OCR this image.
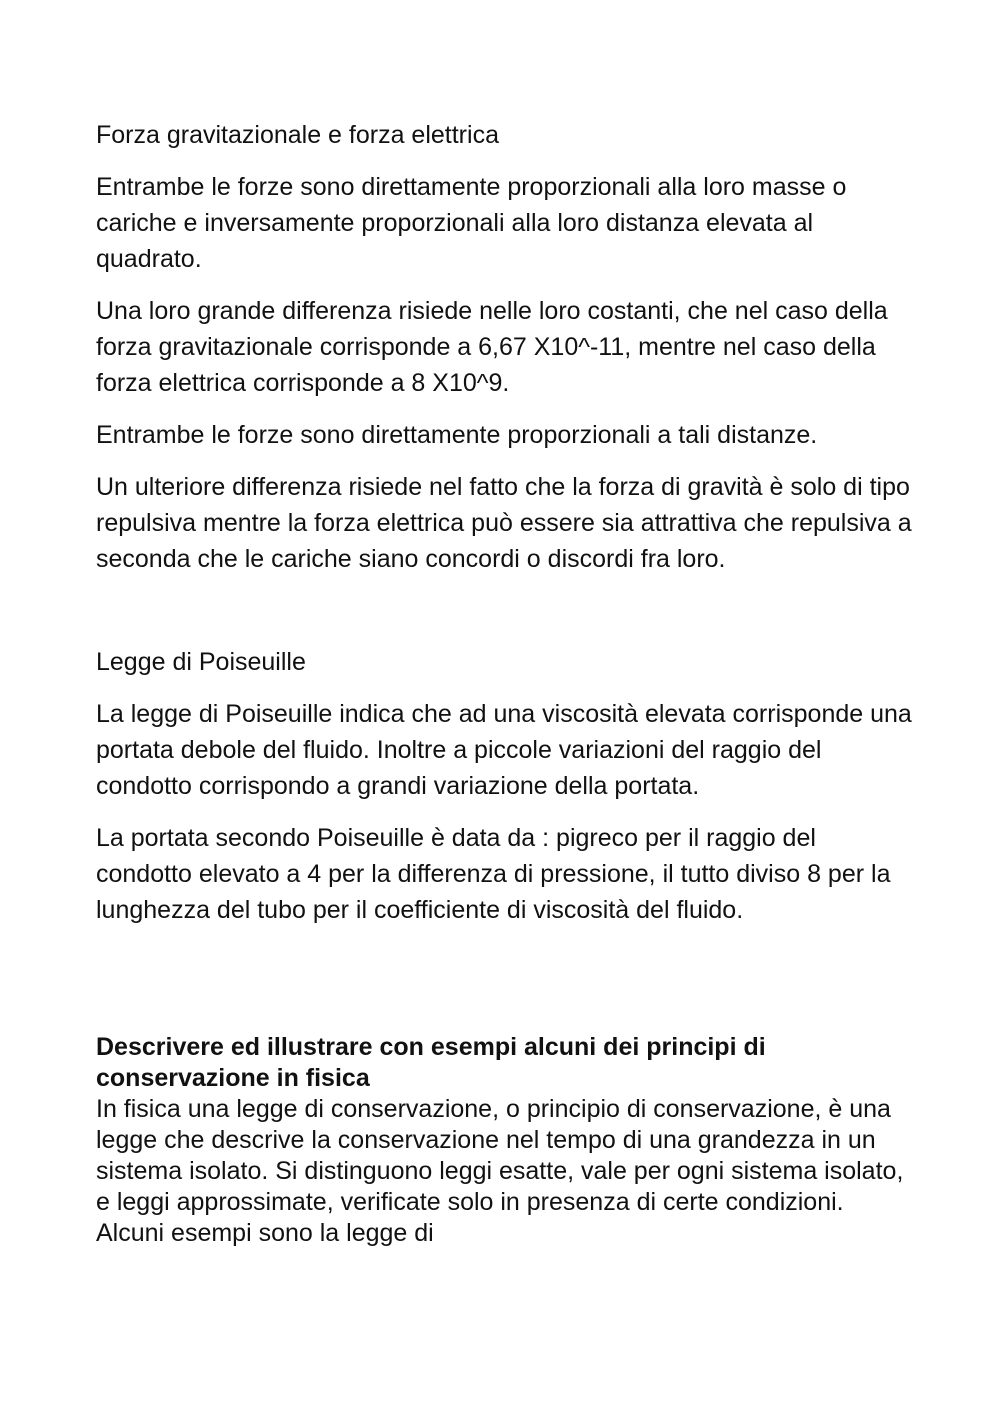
Forza gravitazionale e forza elettrica

Entrambe le forze sono direttamente proporzionali alla loro masse o cariche e inversamente proporzionali alla loro distanza elevata al quadrato.

Una loro grande differenza risiede nelle loro costanti, che nel caso della forza gravitazionale corrisponde a 6,67 X10^-11, mentre nel caso della forza elettrica corrisponde a 8 X10^9.

Entrambe le forze sono direttamente proporzionali a tali distanze.

Un ulteriore differenza risiede nel fatto che la forza di gravità è solo di tipo repulsiva mentre la forza elettrica può essere sia attrattiva che repulsiva a seconda che le cariche siano concordi o discordi fra loro.

Legge di Poiseuille

La legge di Poiseuille indica che ad una viscosità elevata corrisponde una portata debole del fluido. Inoltre a piccole variazioni del raggio del condotto corrispondo a grandi variazione della portata.

La portata secondo Poiseuille è data da : pigreco per il raggio del condotto elevato a 4 per la differenza di pressione, il tutto diviso 8 per la lunghezza del tubo per il coefficiente di viscosità del fluido.

Descrivere ed illustrare con esempi alcuni dei principi di conservazione in fisica

In fisica una legge di conservazione, o principio di conservazione, è una legge che descrive la conservazione nel tempo di una grandezza in un sistema isolato. Si distinguono leggi esatte, vale per ogni sistema isolato, e leggi approssimate, verificate solo in presenza di certe condizioni. Alcuni esempi sono la legge di
